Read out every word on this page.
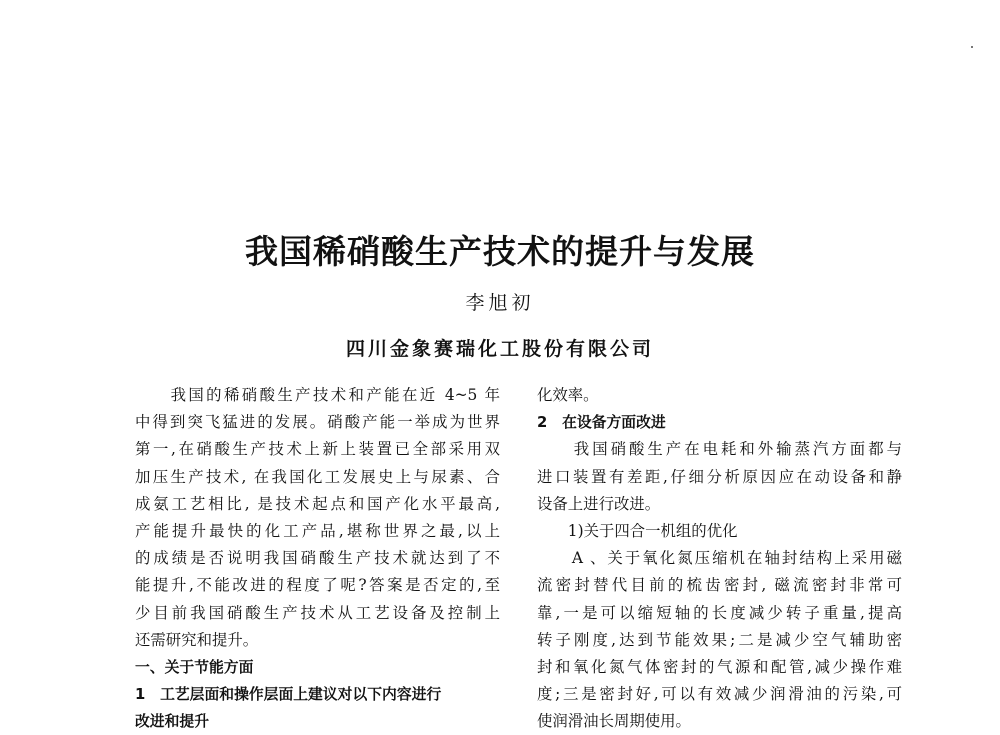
我国稀硝酸生产技术的提升与发展
李旭初
四川金象赛瑞化工股份有限公司
　　我国的稀硝酸生产技术和产能在近 4~5 年
中得到突飞猛进的发展。硝酸产能一举成为世界
第一,在硝酸生产技术上新上装置已全部采用双
加压生产技术, 在我国化工发展史上与尿素、合
成氨工艺相比, 是技术起点和国产化水平最高,
产能提升最快的化工产品,堪称世界之最,以上
的成绩是否说明我国硝酸生产技术就达到了不
能提升,不能改进的程度了呢?答案是否定的,至
少目前我国硝酸生产技术从工艺设备及控制上
还需研究和提升。
一、关于节能方面
1　工艺层面和操作层面上建议对以下内容进行
改进和提升
化效率。
2　在设备方面改进
　　我国硝酸生产在电耗和外输蒸汽方面都与
进口装置有差距,仔细分析原因应在动设备和静
设备上进行改进。
　　1)关于四合一机组的优化
　　A 、关于氧化氮压缩机在轴封结构上采用磁
流密封替代目前的梳齿密封, 磁流密封非常可
靠,一是可以缩短轴的长度减少转子重量,提高
转子刚度,达到节能效果;二是减少空气辅助密
封和氧化氮气体密封的气源和配管,减少操作难
度;三是密封好,可以有效减少润滑油的污染,可
使润滑油长周期使用。
